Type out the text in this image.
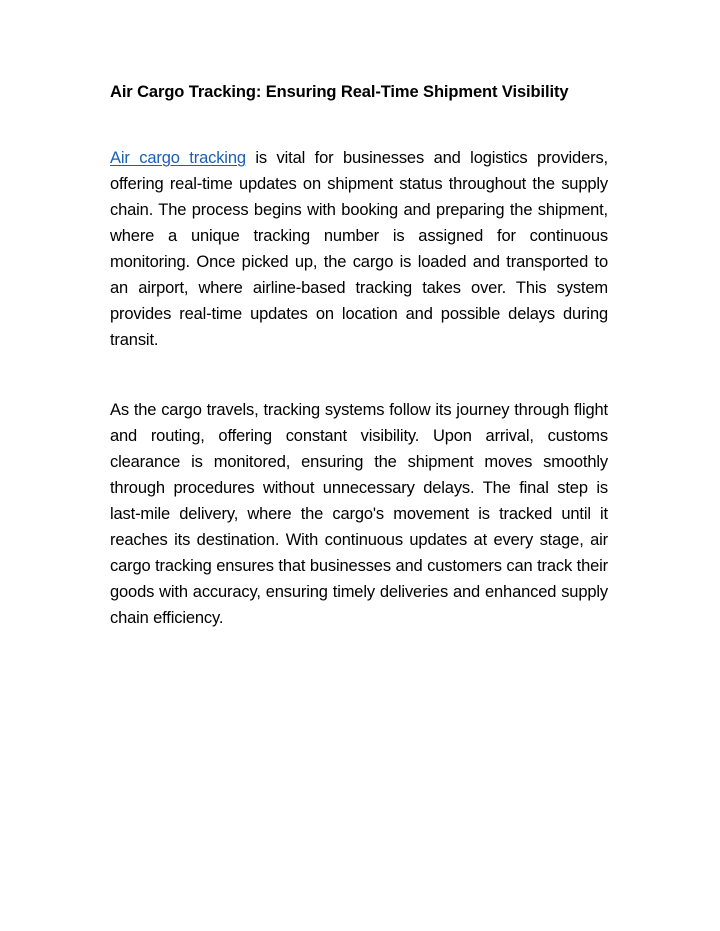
Air Cargo Tracking: Ensuring Real-Time Shipment Visibility

Air cargo tracking is vital for businesses and logistics providers, offering real-time updates on shipment status throughout the supply chain. The process begins with booking and preparing the shipment, where a unique tracking number is assigned for continuous monitoring. Once picked up, the cargo is loaded and transported to an airport, where airline-based tracking takes over. This system provides real-time updates on location and possible delays during transit.

As the cargo travels, tracking systems follow its journey through flight and routing, offering constant visibility. Upon arrival, customs clearance is monitored, ensuring the shipment moves smoothly through procedures without unnecessary delays. The final step is last-mile delivery, where the cargo's movement is tracked until it reaches its destination. With continuous updates at every stage, air cargo tracking ensures that businesses and customers can track their goods with accuracy, ensuring timely deliveries and enhanced supply chain efficiency.
